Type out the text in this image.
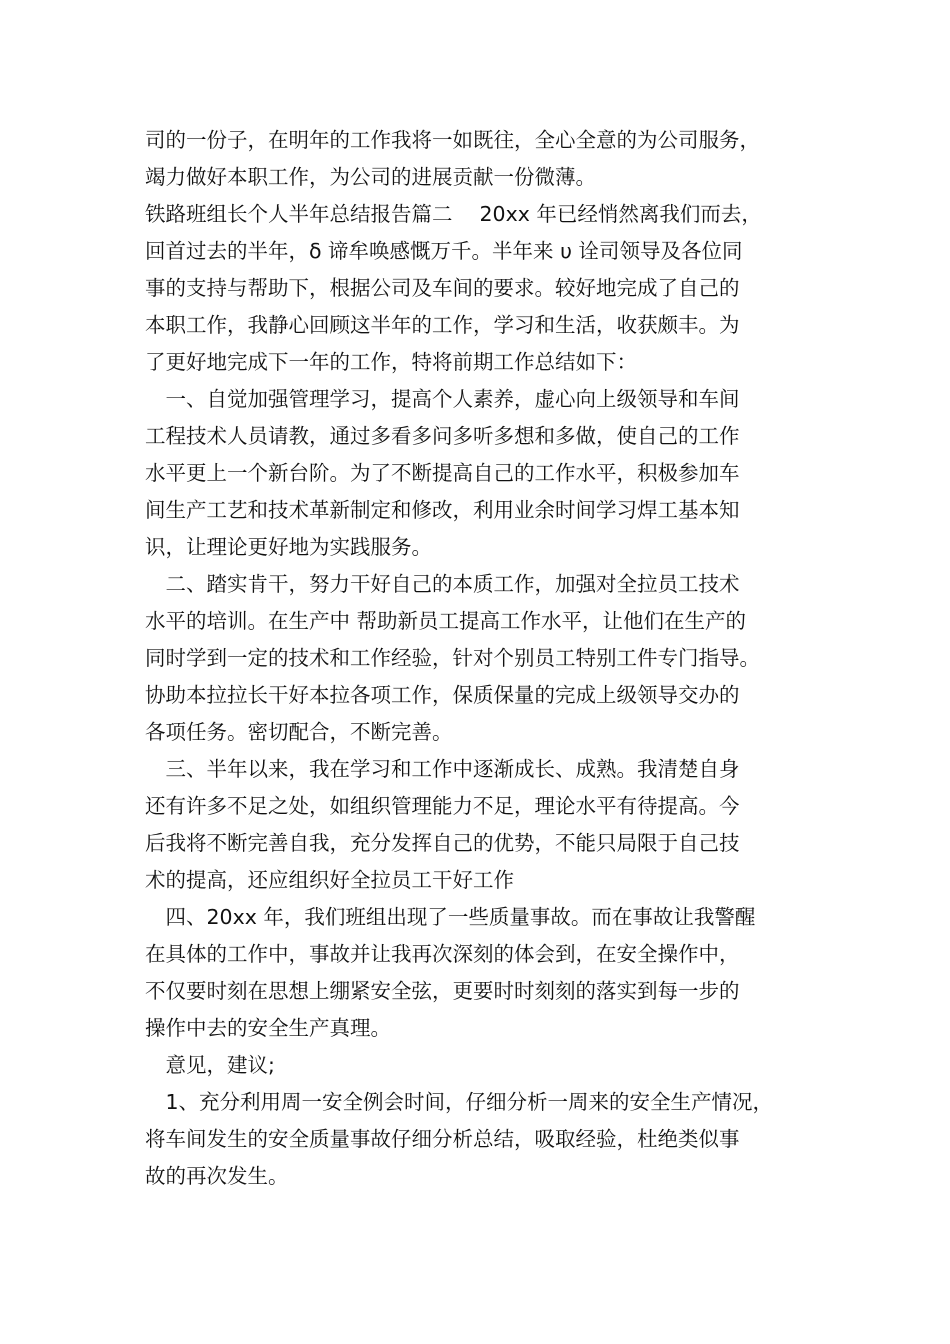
司的一份子，在明年的工作我将一如既往，全心全意的为公司服务，
竭力做好本职工作，为公司的进展贡献一份微薄。
铁路班组长个人半年总结报告篇二　 20xx 年已经悄然离我们而去，
回首过去的半年，δ 谛牟唤感慨万千。半年来 υ 诠司领导及各位同
事的支持与帮助下，根据公司及车间的要求。较好地完成了自己的
本职工作，我静心回顾这半年的工作，学习和生活，收获颇丰。为
了更好地完成下一年的工作，特将前期工作总结如下：
　一、自觉加强管理学习，提高个人素养，虚心向上级领导和车间
工程技术人员请教，通过多看多问多听多想和多做，使自己的工作
水平更上一个新台阶。为了不断提高自己的工作水平，积极参加车
间生产工艺和技术革新制定和修改，利用业余时间学习焊工基本知
识，让理论更好地为实践服务。
　二、踏实肯干，努力干好自己的本质工作，加强对全拉员工技术
水平的培训。在生产中 帮助新员工提高工作水平，让他们在生产的
同时学到一定的技术和工作经验，针对个别员工特别工件专门指导。
协助本拉拉长干好本拉各项工作，保质保量的完成上级领导交办的
各项任务。密切配合，不断完善。
　三、半年以来，我在学习和工作中逐渐成长、成熟。我清楚自身
还有许多不足之处，如组织管理能力不足，理论水平有待提高。今
后我将不断完善自我，充分发挥自己的优势，不能只局限于自己技
术的提高，还应组织好全拉员工干好工作
　四、20xx 年，我们班组出现了一些质量事故。而在事故让我警醒
在具体的工作中，事故并让我再次深刻的体会到，在安全操作中，
不仅要时刻在思想上绷紧安全弦，更要时时刻刻的落实到每一步的
操作中去的安全生产真理。
　意见，建议;
　1、充分利用周一安全例会时间，仔细分析一周来的安全生产情况，
将车间发生的安全质量事故仔细分析总结，吸取经验，杜绝类似事
故的再次发生。
